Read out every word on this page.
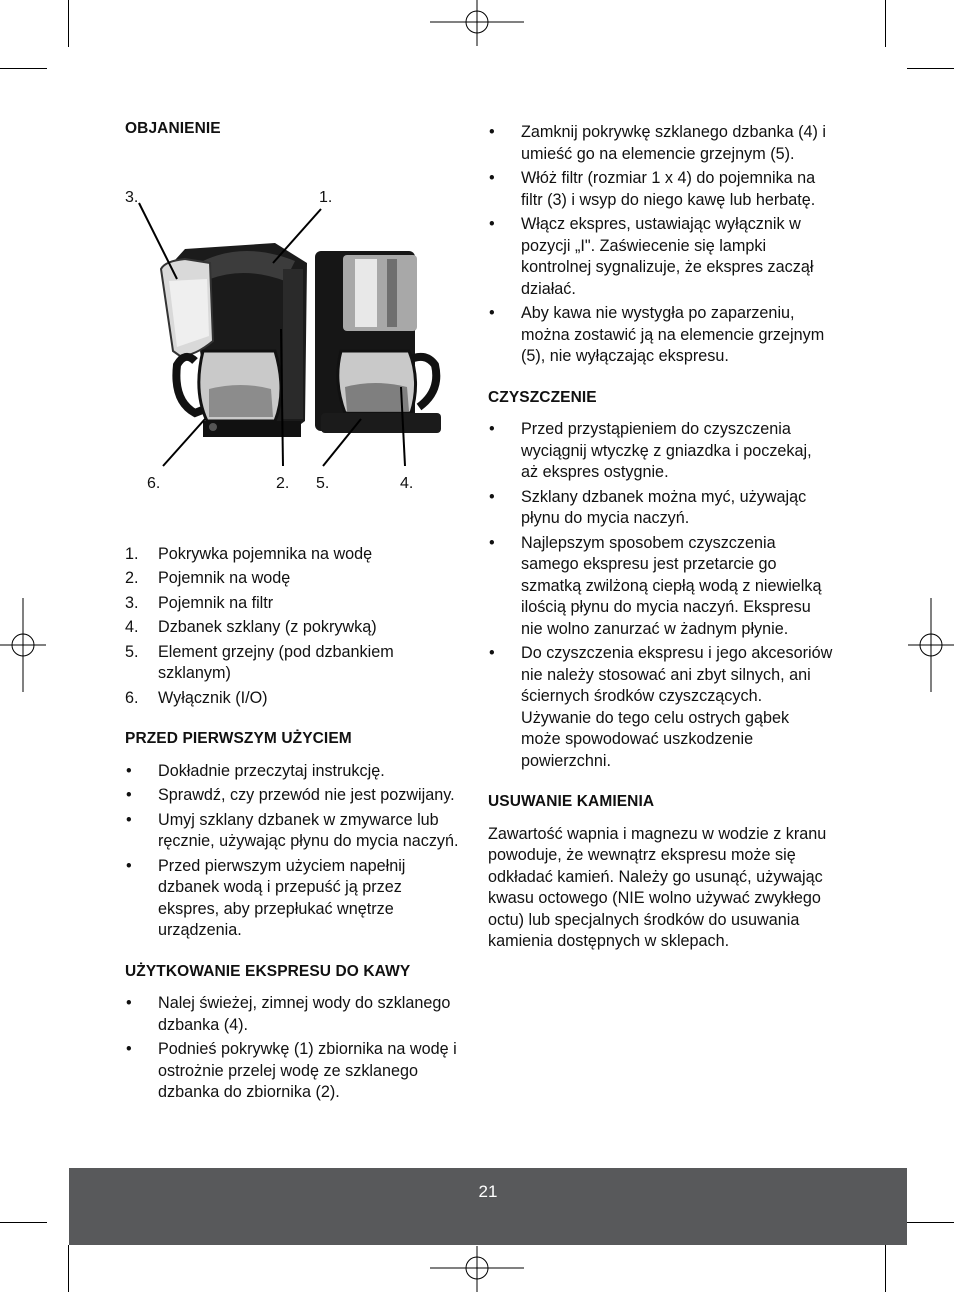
OBJANIENIE
3.	1.
6.	2. 5.	4.
1. Pokrywka pojemnika na wodę
2. Pojemnik na wodę
3. Pojemnik na filtr
4. Dzbanek szklany (z pokrywką)
5. Element grzejny (pod dzbankiem szklanym)
6. Wyłącznik (I/O)
PRZED PIERWSZYM UŻYCIEM
• Dokładnie przeczytaj instrukcję.
• Sprawdź, czy przewód nie jest pozwijany.
• Umyj szklany dzbanek w zmywarce lub ręcznie, używając płynu do mycia naczyń.
• Przed pierwszym użyciem napełnij dzbanek wodą i przepuść ją przez ekspres, aby przepłukać wnętrze urządzenia.
UŻYTKOWANIE EKSPRESU DO KAWY
• Nalej świeżej, zimnej wody do szklanego dzbanka (4).
• Podnieś pokrywkę (1) zbiornika na wodę i ostrożnie przelej wodę ze szklanego dzbanka do zbiornika (2).
• Zamknij pokrywkę szklanego dzbanka (4) i umieść go na elemencie grzejnym (5).
• Włóż filtr (rozmiar 1 x 4) do pojemnika na filtr (3) i wsyp do niego kawę lub herbatę.
• Włącz ekspres, ustawiając wyłącznik w pozycji „I". Zaświecenie się lampki kontrolnej sygnalizuje, że ekspres zaczął działać.
• Aby kawa nie wystygła po zaparzeniu, można zostawić ją na elemencie grzejnym (5), nie wyłączając ekspresu.
CZYSZCZENIE
• Przed przystąpieniem do czyszczenia wyciągnij wtyczkę z gniazdka i poczekaj, aż ekspres ostygnie.
• Szklany dzbanek można myć, używając płynu do mycia naczyń.
• Najlepszym sposobem czyszczenia samego ekspresu jest przetarcie go szmatką zwilżoną ciepłą wodą z niewielką ilością płynu do mycia naczyń. Ekspresu nie wolno zanurzać w żadnym płynie.
• Do czyszczenia ekspresu i jego akcesoriów nie należy stosować ani zbyt silnych, ani ściernych środków czyszczących. Używanie do tego celu ostrych gąbek może spowodować uszkodzenie powierzchni.
USUWANIE KAMIENIA

Zawartość wapnia i magnezu w wodzie z kranu powoduje, że wewnątrz ekspresu może się odkładać kamień. Należy go usunąć, używając kwasu octowego (NIE wolno używać zwykłego octu) lub specjalnych środków do usuwania kamienia dostępnych w sklepach.

21
